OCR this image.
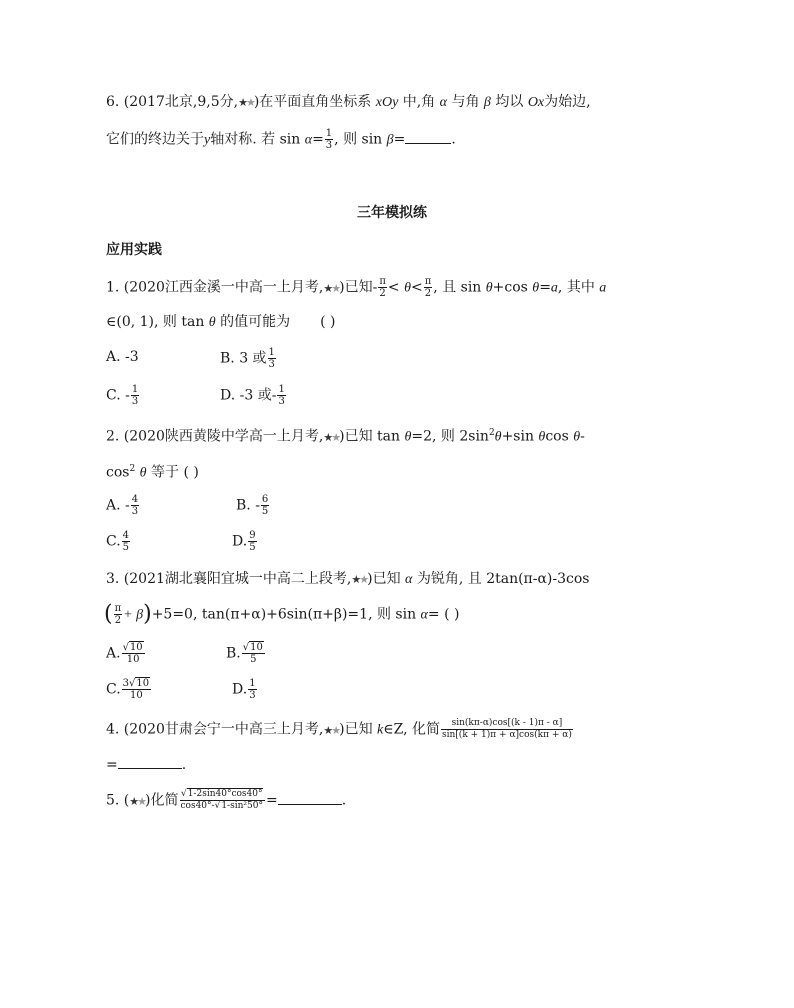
6. (2017北京,9,5分,★★)在平面直角坐标系 xOy 中,角 α 与角 β 均以 Ox为始边,
它们的终边关于y轴对称. 若 $\sin \alpha= \frac{1}{3}$ , 则 sin β=	.
三年模拟练
应用实践
1. (2020江西金溪一中高一上月考,★★)已知- $\frac{\pi}{2} < \theta< \frac{\pi}{2}$ , 且 sin θ+cos θ=a, 其中 a
∈(0, 1), 则 tan θ 的值可能为 ( )
A. -3	B. 3 或 $\frac{1}{3}$
C. - $\frac{1}{3}$	D. -3 或- $\frac{1}{3}$
2. (2020陕西黄陵中学高一上月考,★★)已知 tan θ=2, 则 $2\sin^2\theta+\sin$ θcos θ-
$\cos^2 \theta$ 等于 ( )
A. - $\frac{4}{3}$	B. - $\frac{6}{5}$
C. $\frac{4}{5}$	D. $\frac{9}{5}$
3. (2021湖北襄阳宜城一中高二上段考,★★)已知 α 为锐角, 且 2tan(π-α)-3cos
( $\frac{\pi}{2} + \beta)+5=0$, tan(π+α)+6sin(π+β)=1, 则 sin α= ( )
A. $\frac{√10}{10}$	B. $\frac{√10}{5}$
C. $\frac{3√10}{10}$	D. $\frac{1}{3}$
4. (2020甘肃会宁一中高三上月考,★★)已知 k∈Z, 化简 $\frac{\sin(k\pi-\alpha)\cos[(k - 1)\pi - \alpha]}{\sin[(k + 1)\pi + \alpha]\cos(k\pi + \alpha)}$
=	.
5. (★★)化简 $\frac{√1-2\sin 40^\circ\cos 40^\circ}{\text{cos40°-√1-sin²50°}}$ =	.
